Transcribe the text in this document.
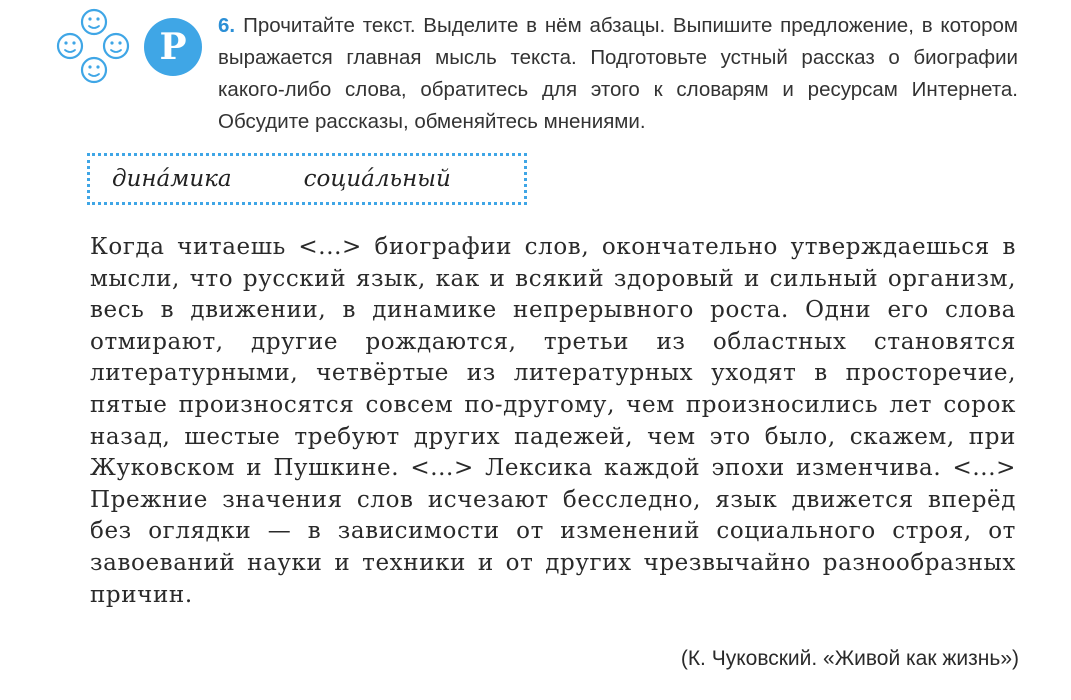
Р
6. Прочитайте текст. Выделите в нём абзацы. Выпишите предложение, в котором выражается главная мысль текста. Подготовьте устный рассказ о биографии какого-либо слова, обратитесь для этого к словарям и ресурсам Интернета. Обсудите рассказы, обменяйтесь мнениями.
дина́мика	социа́льный

Когда читаешь <...> биографии слов, окончательно утверждаешься в мысли, что русский язык, как и всякий здоровый и сильный организм, весь в движении, в динамике непрерывного роста. Одни его слова отмирают, другие рождаются, третьи из областных становятся литературными, четвёртые из литературных уходят в просторечие, пятые произносятся совсем по-другому, чем произносились лет сорок назад, шестые требуют других падежей, чем это было, скажем, при Жуковском и Пушкине. <...> Лексика каждой эпохи изменчива. <...> Прежние значения слов исчезают бесследно, язык движется вперёд без оглядки — в зависимости от изменений социального строя, от завоеваний науки и техники и от других чрезвычайно разнообразных причин.

(К. Чуковский. «Живой как жизнь»)
